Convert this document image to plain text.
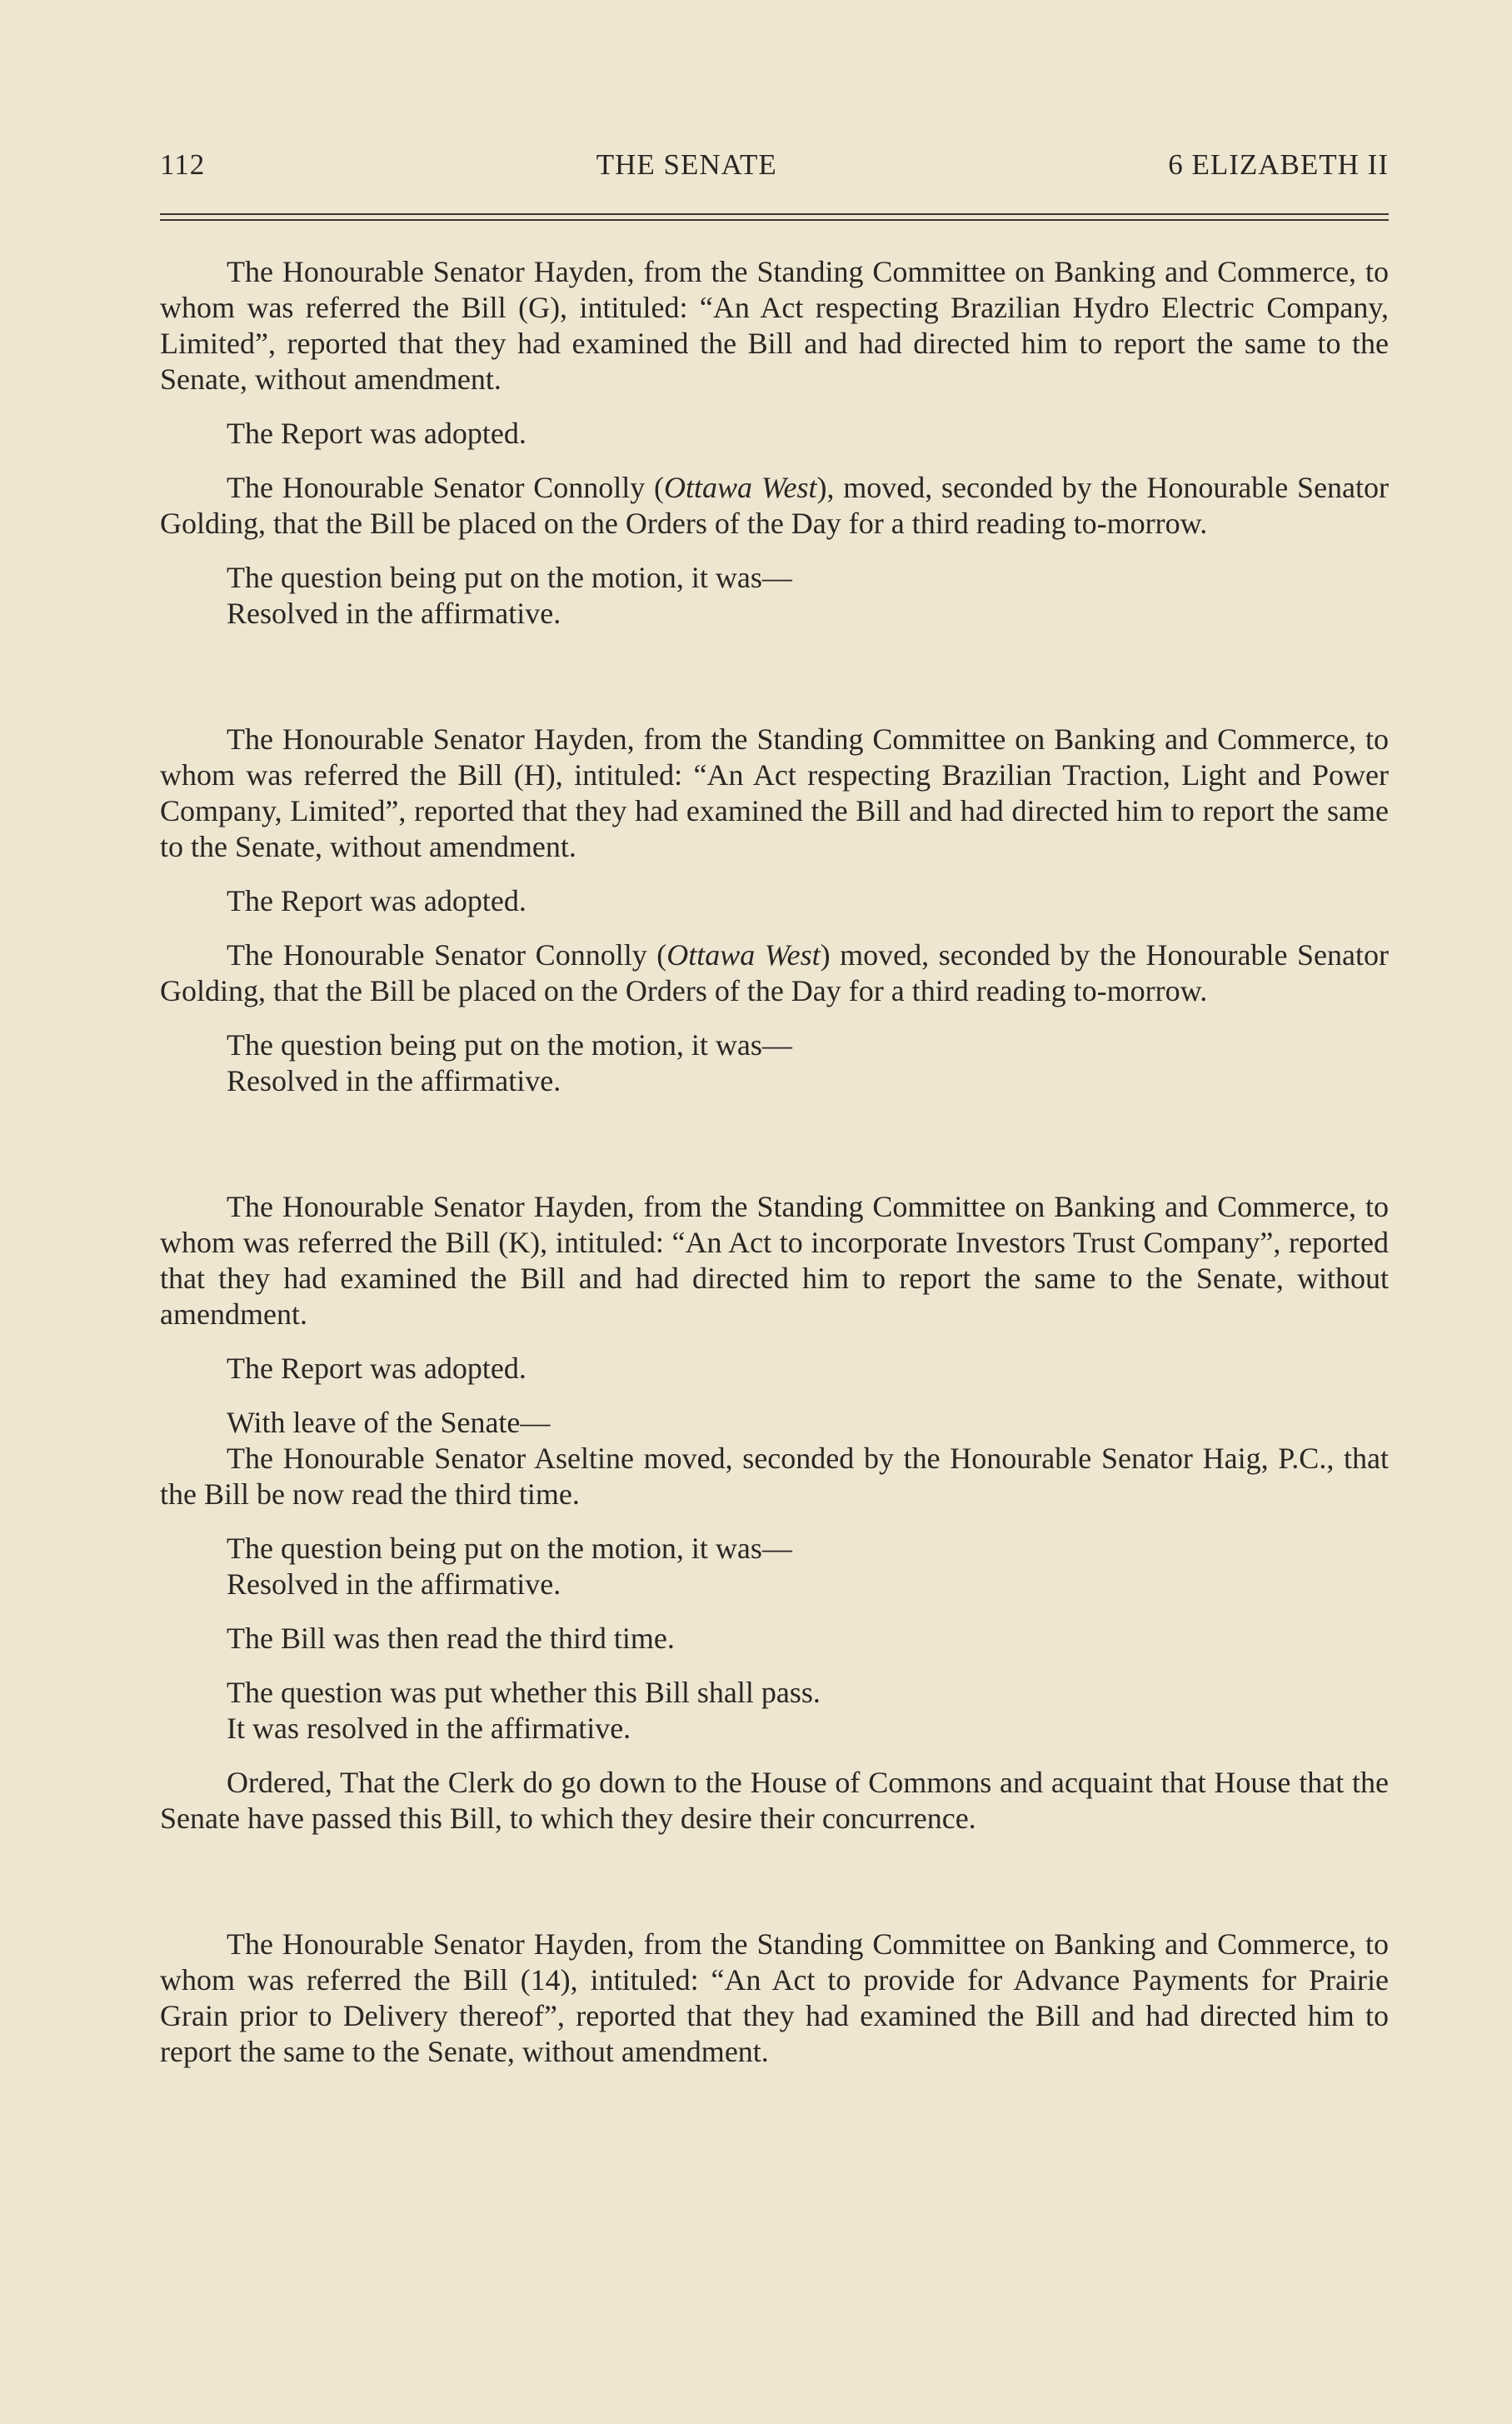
112	THE SENATE	6 ELIZABETH II

The Honourable Senator Hayden, from the Standing Committee on Banking and Commerce, to whom was referred the Bill (G), intituled: “An Act respecting Brazilian Hydro Electric Company, Limited”, reported that they had examined the Bill and had directed him to report the same to the Senate, without amendment.

The Report was adopted.

The Honourable Senator Connolly (Ottawa West), moved, seconded by the Honourable Senator Golding, that the Bill be placed on the Orders of the Day for a third reading to-morrow.

The question being put on the motion, it was—
Resolved in the affirmative.

The Honourable Senator Hayden, from the Standing Committee on Banking and Commerce, to whom was referred the Bill (H), intituled: “An Act respecting Brazilian Traction, Light and Power Company, Limited”, reported that they had examined the Bill and had directed him to report the same to the Senate, without amendment.

The Report was adopted.

The Honourable Senator Connolly (Ottawa West) moved, seconded by the Honourable Senator Golding, that the Bill be placed on the Orders of the Day for a third reading to-morrow.

The question being put on the motion, it was—
Resolved in the affirmative.

The Honourable Senator Hayden, from the Standing Committee on Banking and Commerce, to whom was referred the Bill (K), intituled: “An Act to incorporate Investors Trust Company”, reported that they had examined the Bill and had directed him to report the same to the Senate, without amendment.

The Report was adopted.

With leave of the Senate—
The Honourable Senator Aseltine moved, seconded by the Honourable Senator Haig, P.C., that the Bill be now read the third time.
The question being put on the motion, it was—
Resolved in the affirmative.

The Bill was then read the third time.

The question was put whether this Bill shall pass.
It was resolved in the affirmative.

Ordered, That the Clerk do go down to the House of Commons and acquaint that House that the Senate have passed this Bill, to which they desire their concurrence.

The Honourable Senator Hayden, from the Standing Committee on Banking and Commerce, to whom was referred the Bill (14), intituled: “An Act to provide for Advance Payments for Prairie Grain prior to Delivery thereof”, reported that they had examined the Bill and had directed him to report the same to the Senate, without amendment.
